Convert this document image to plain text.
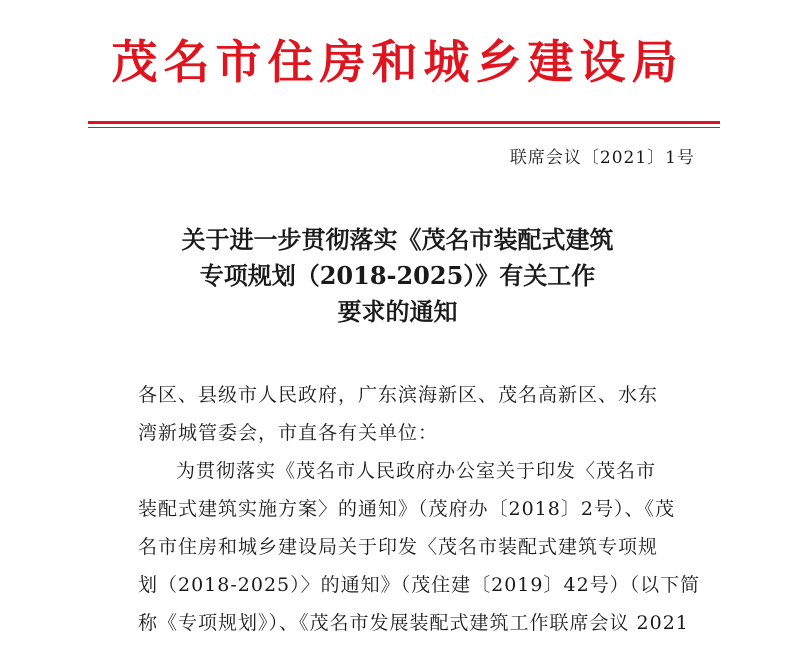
茂名市住房和城乡建设局
联席会议〔2021〕1号
关于进一步贯彻落实《茂名市装配式建筑
专项规划（2018-2025）》有关工作
要求的通知
各区、县级市人民政府，广东滨海新区、茂名高新区、水东
湾新城管委会，市直各有关单位：
为贯彻落实《茂名市人民政府办公室关于印发〈茂名市
装配式建筑实施方案〉的通知》（茂府办〔2018〕2号）、《茂
名市住房和城乡建设局关于印发〈茂名市装配式建筑专项规
划（2018-2025）〉的通知》（茂住建〔2019〕42号）（以下简
称《专项规划》）、《茂名市发展装配式建筑工作联席会议 2021
